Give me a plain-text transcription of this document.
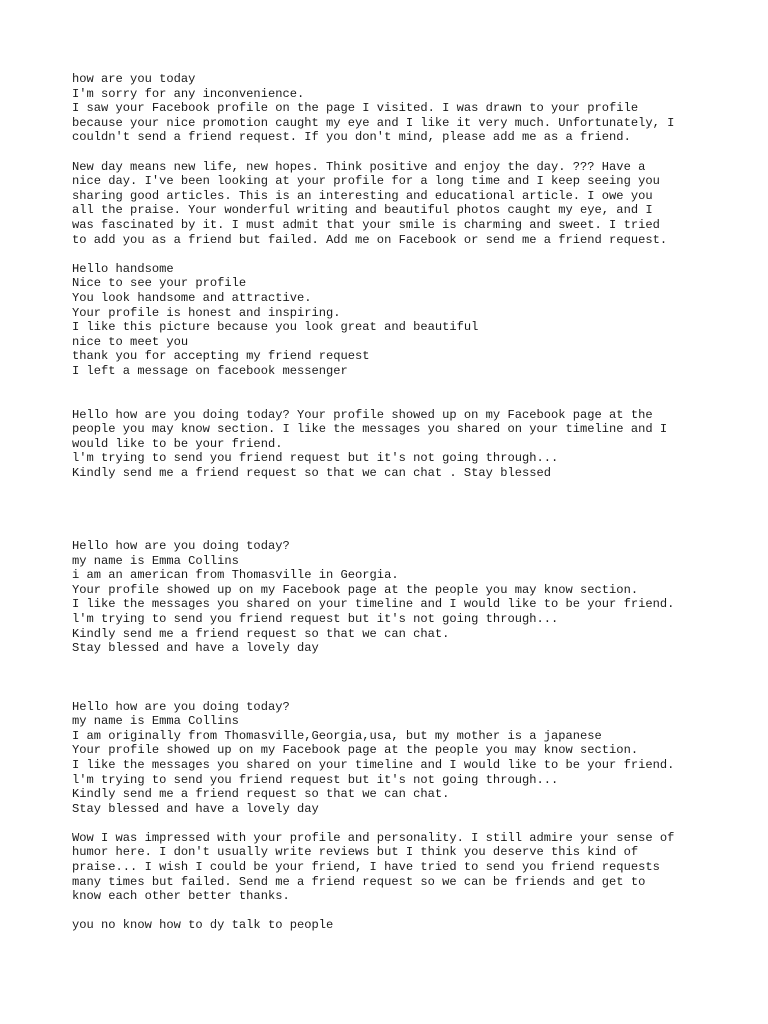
how are you today
I'm sorry for any inconvenience.
I saw your Facebook profile on the page I visited. I was drawn to your profile
because your nice promotion caught my eye and I like it very much. Unfortunately, I
couldn't send a friend request. If you don't mind, please add me as a friend.
New day means new life, new hopes. Think positive and enjoy the day. ??? Have a
nice day. I've been looking at your profile for a long time and I keep seeing you
sharing good articles. This is an interesting and educational article. I owe you
all the praise. Your wonderful writing and beautiful photos caught my eye, and I
was fascinated by it. I must admit that your smile is charming and sweet. I tried
to add you as a friend but failed. Add me on Facebook or send me a friend request.
Hello handsome
Nice to see your profile
You look handsome and attractive.
Your profile is honest and inspiring.
I like this picture because you look great and beautiful
nice to meet you
thank you for accepting my friend request
I left a message on facebook messenger
Hello how are you doing today? Your profile showed up on my Facebook page at the
people you may know section. I like the messages you shared on your timeline and I
would like to be your friend.
l'm trying to send you friend request but it's not going through...
Kindly send me a friend request so that we can chat . Stay blessed
Hello how are you doing today?
my name is Emma Collins
i am an american from Thomasville in Georgia.
Your profile showed up on my Facebook page at the people you may know section.
I like the messages you shared on your timeline and I would like to be your friend.
l'm trying to send you friend request but it's not going through...
Kindly send me a friend request so that we can chat.
Stay blessed and have a lovely day
Hello how are you doing today?
my name is Emma Collins
I am originally from Thomasville,Georgia,usa, but my mother is a japanese
Your profile showed up on my Facebook page at the people you may know section.
I like the messages you shared on your timeline and I would like to be your friend.
l'm trying to send you friend request but it's not going through...
Kindly send me a friend request so that we can chat.
Stay blessed and have a lovely day
Wow I was impressed with your profile and personality. I still admire your sense of
humor here. I don't usually write reviews but I think you deserve this kind of
praise... I wish I could be your friend, I have tried to send you friend requests
many times but failed. Send me a friend request so we can be friends and get to
know each other better thanks.
you no know how to dy talk to people
